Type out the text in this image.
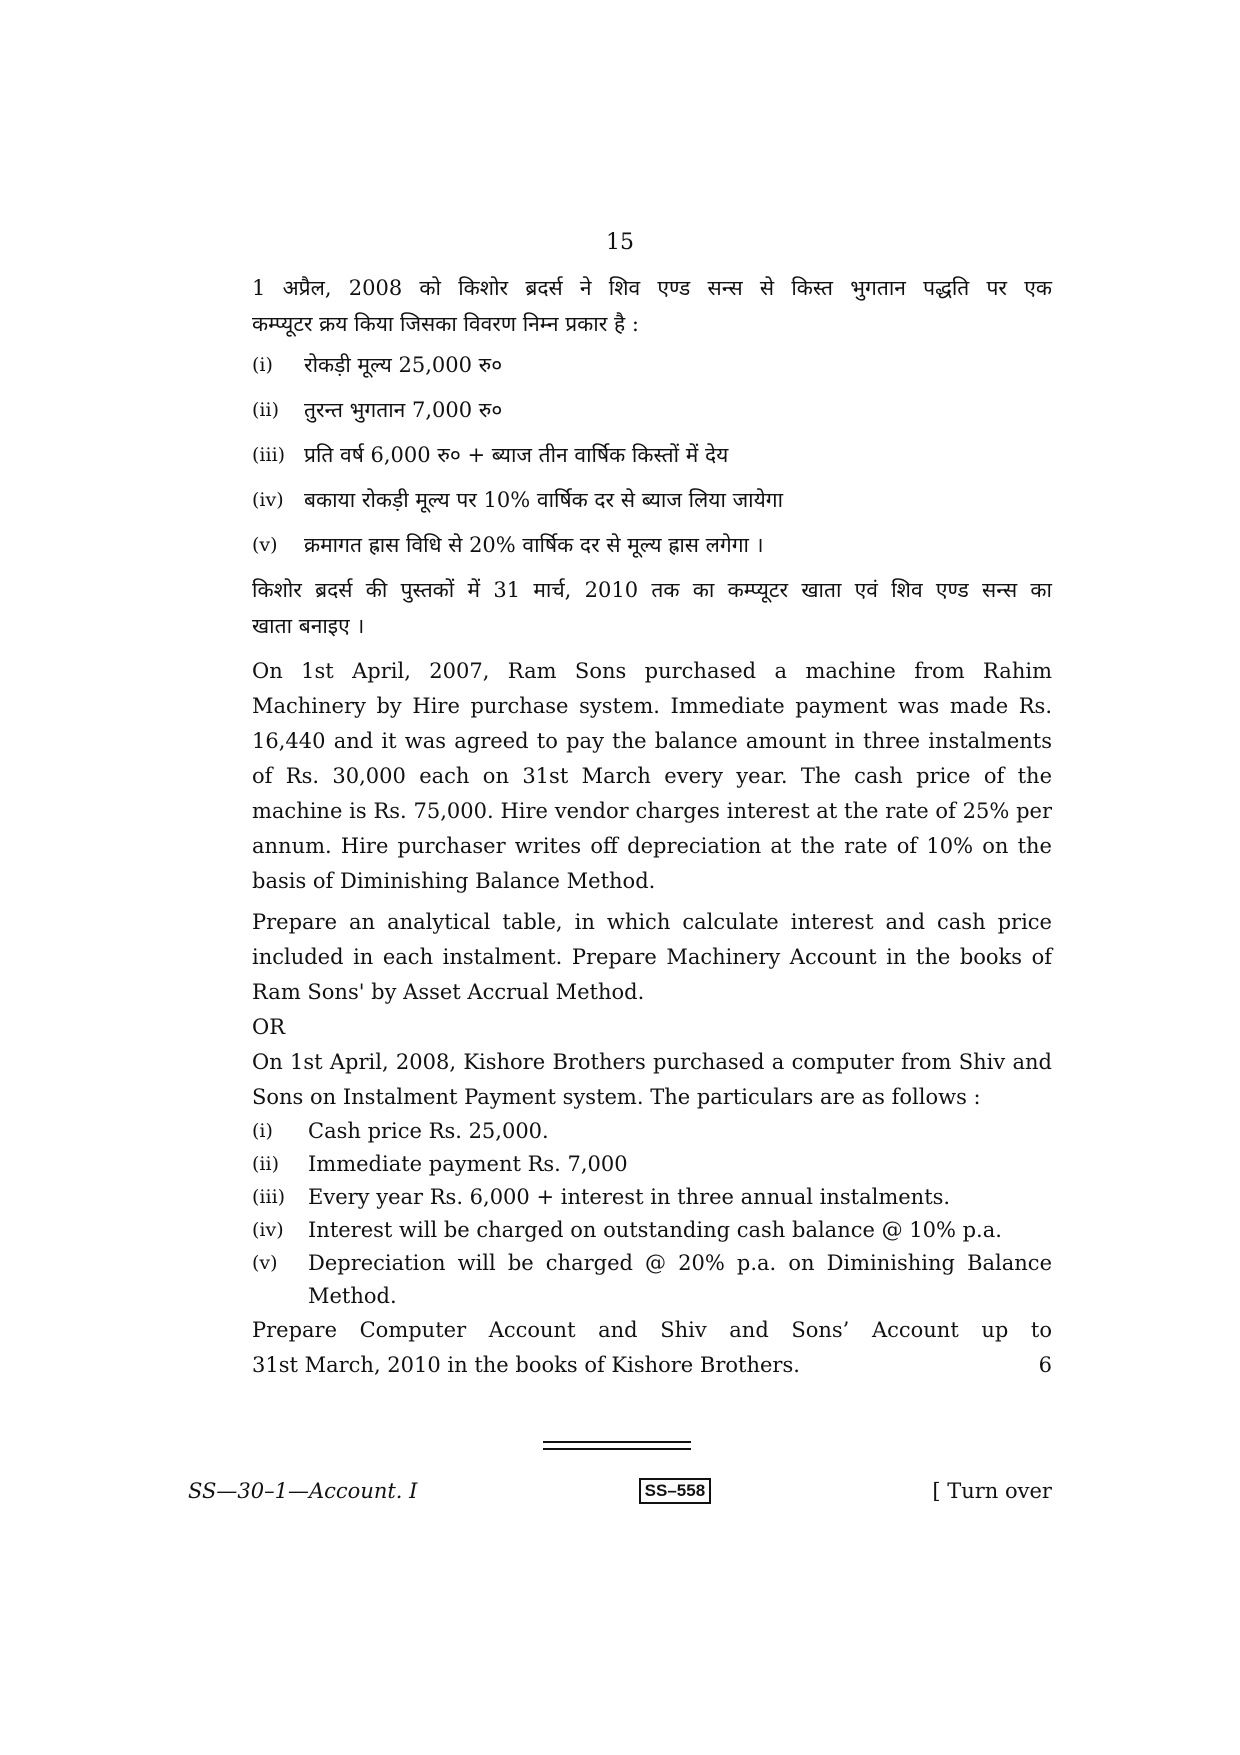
15

1 अप्रैल, 2008 को किशोर ब्रदर्स ने शिव एण्ड सन्स से किस्त भुगतान पद्धति पर एक

कम्प्यूटर क्रय किया जिसका विवरण निम्न प्रकार है :

(i)	रोकड़ी मूल्य 25,000 रु०
(ii)	तुरन्त भुगतान 7,000 रु०
(iii) प्रति वर्ष 6,000 रु० + ब्याज तीन वार्षिक किस्तों में देय
(iv) बकाया रोकड़ी मूल्य पर 10% वार्षिक दर से ब्याज लिया जायेगा
(v)	क्रमागत ह्रास विधि से 20% वार्षिक दर से मूल्य ह्रास लगेगा ।

किशोर ब्रदर्स की पुस्तकों में 31 मार्च, 2010 तक का कम्प्यूटर खाता एवं शिव एण्ड सन्स का

खाता बनाइए ।

On 1st April, 2007, Ram Sons purchased a machine from Rahim Machinery by Hire purchase system. Immediate payment was made Rs. 16,440 and it was agreed to pay the balance amount in three instalments of Rs. 30,000 each on 31st March every year. The cash price of the machine is Rs. 75,000. Hire vendor charges interest at the rate of 25% per annum. Hire purchaser writes off depreciation at the rate of 10% on the basis of Diminishing Balance Method.

Prepare an analytical table, in which calculate interest and cash price included in each instalment. Prepare Machinery Account in the books of Ram Sons' by Asset Accrual Method.

OR

On 1st April, 2008, Kishore Brothers purchased a computer from Shiv and Sons on Instalment Payment system. The particulars are as follows :

(i)	Cash price Rs. 25,000.
(ii)	Immediate payment Rs. 7,000
(iii)	Every year Rs. 6,000 + interest in three annual instalments.
(iv)	Interest will be charged on outstanding cash balance @ 10% p.a.
(v)	Depreciation will be charged @ 20% p.a. on Diminishing Balance Method.

Prepare Computer Account and Shiv and Sons’ Account up to

31st March, 2010 in the books of Kishore Brothers.	6
SS—30–1—Account. I	SS–558	[ Turn over
